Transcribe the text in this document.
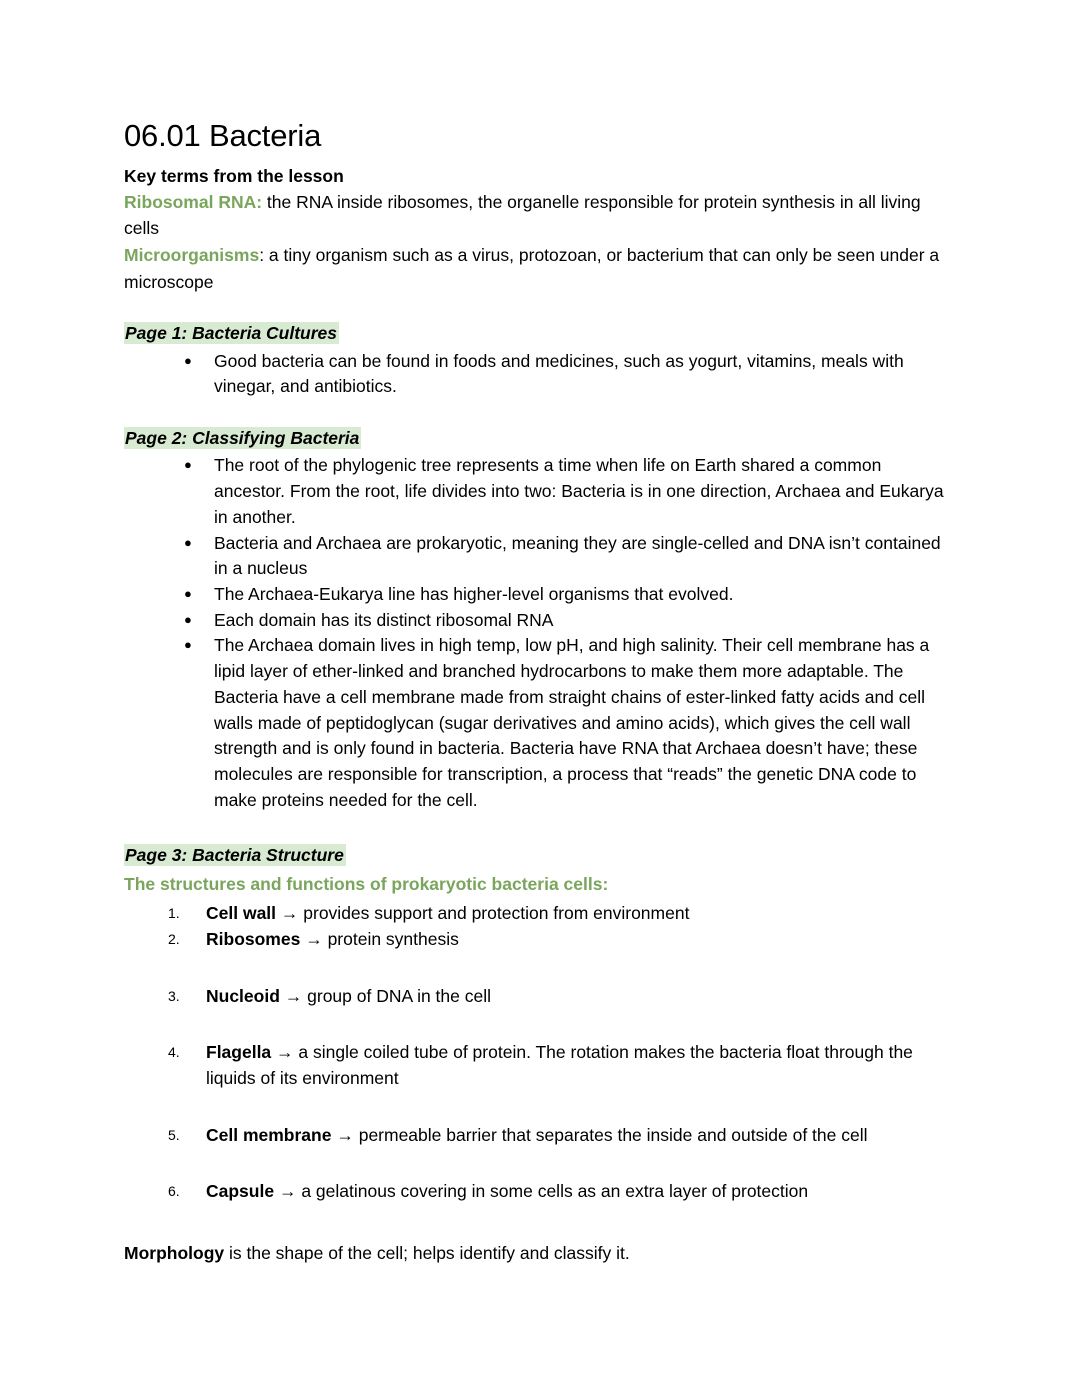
06.01 Bacteria

Key terms from the lesson

Ribosomal RNA: the RNA inside ribosomes, the organelle responsible for protein synthesis in all living cells

Microorganisms: a tiny organism such as a virus, protozoan, or bacterium that can only be seen under a microscope

Page 1: Bacteria Cultures

● Good bacteria can be found in foods and medicines, such as yogurt, vitamins, meals with vinegar, and antibiotics.

Page 2: Classifying Bacteria

● The root of the phylogenic tree represents a time when life on Earth shared a common ancestor. From the root, life divides into two: Bacteria is in one direction, Archaea and Eukarya in another.
● Bacteria and Archaea are prokaryotic, meaning they are single-celled and DNA isn’t contained in a nucleus
● The Archaea-Eukarya line has higher-level organisms that evolved.
● Each domain has its distinct ribosomal RNA
● The Archaea domain lives in high temp, low pH, and high salinity. Their cell membrane has a lipid layer of ether-linked and branched hydrocarbons to make them more adaptable. The Bacteria have a cell membrane made from straight chains of ester-linked fatty acids and cell walls made of peptidoglycan (sugar derivatives and amino acids), which gives the cell wall strength and is only found in bacteria. Bacteria have RNA that Archaea doesn’t have; these molecules are responsible for transcription, a process that “reads” the genetic DNA code to make proteins needed for the cell.

Page 3: Bacteria Structure

The structures and functions of prokaryotic bacteria cells:

Cell wall → provides support and protection from environment
Ribosomes → protein synthesis
Nucleoid → group of DNA in the cell
Flagella → a single coiled tube of protein. The rotation makes the bacteria float through the liquids of its environment
Cell membrane → permeable barrier that separates the inside and outside of the cell
Capsule → a gelatinous covering in some cells as an extra layer of protection

Morphology is the shape of the cell; helps identify and classify it.
